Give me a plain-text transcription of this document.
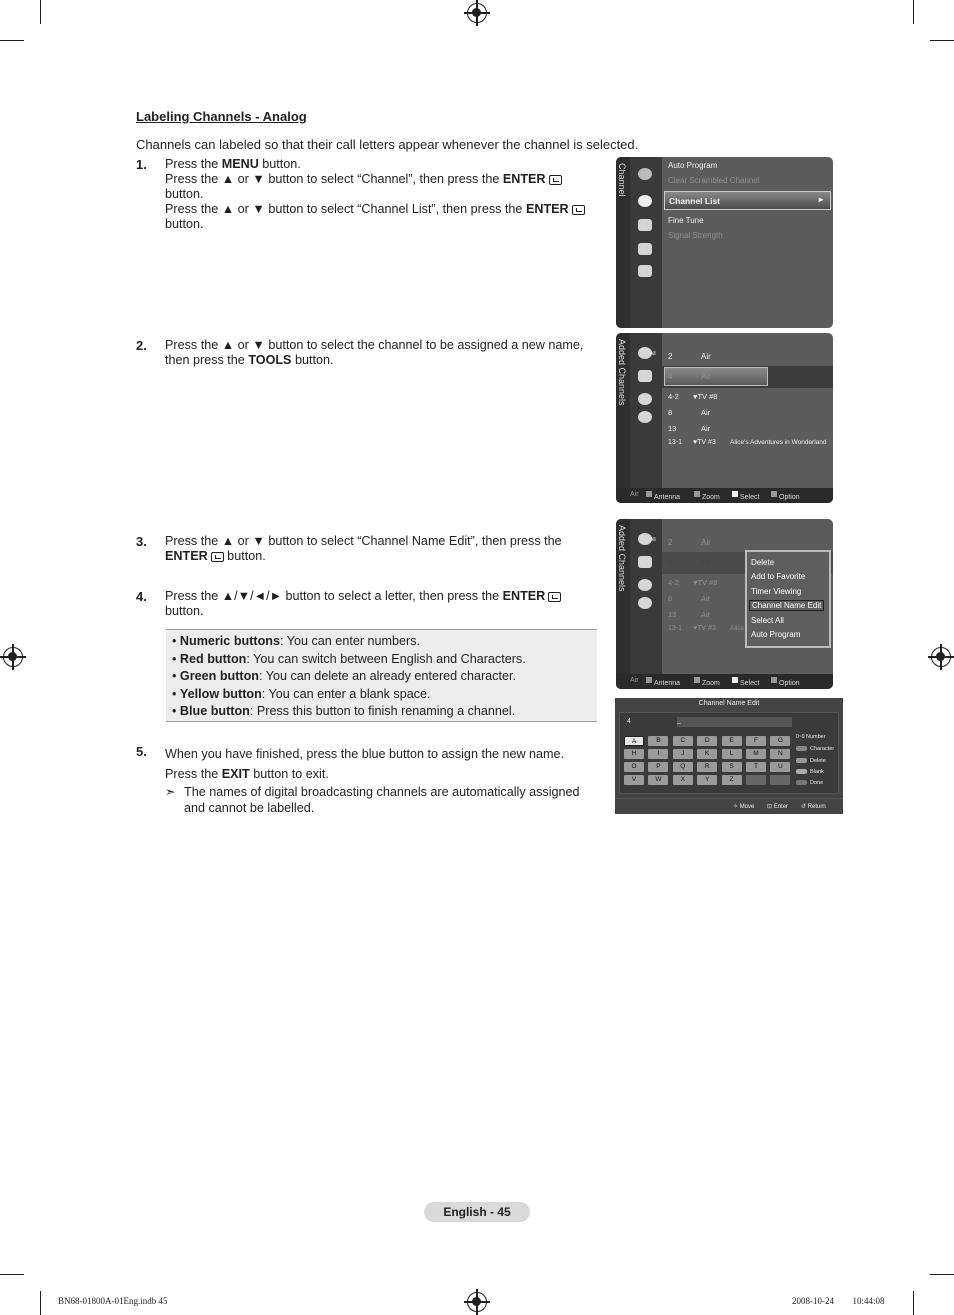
Labeling Channels - Analog
Channels can labeled so that their call letters appear whenever the channel is selected.
1. Press the MENU button.
Press the ▲ or ▼ button to select “Channel”, then press the ENTER
button.
Press the ▲ or ▼ button to select “Channel List”, then press the ENTER
button.
2. Press the ▲ or ▼ button to select the channel to be assigned a new name,
then press the TOOLS button.
3. Press the ▲ or ▼ button to select “Channel Name Edit”, then press the
ENTER button.
4. Press the ▲/▼/◄/► button to select a letter, then press the ENTER
button.
• Numeric buttons: You can enter numbers.
• Red button: You can switch between English and Characters.
• Green button: You can delete an already entered character.
• Yellow button: You can enter a blank space.
• Blue button: Press this button to finish renaming a channel.
5. When you have finished, press the blue button to assign the new name.
Press the EXIT button to exit.
➣ The names of digital broadcasting channels are automatically assigned
and cannot be labelled.
Channel	Auto Program
Clear Scrambled Channel
Channel List	►
Fine Tune
Signal Strength
Added Channels	All 2	Air
4	Air
4-2 ♥TV #8
8	Air
13	Air
13-1 ♥TV #3 Alice's Adventures in Wonderland
Air Antenna	Zoom	Select	Option
Added Channels	All 2	Air
4	Air
4-2 ♥TV #8
8	Air
13	Air
13-1 ♥TV #3 Alice
Delete
Add to Favorite
Timer Viewing
Channel Name Edit
Select All
Auto Program
Air Antenna	Zoom	Select	Option
Channel Name Edit
4	_
A	B	C	D	E	F	G
H	I	J	K	L	M	N
O	P	Q	R	S	T	U
V	W	X	Y	Z
0~9 Number
Character
Delete
Blank
Done
✧ Move ⊡ Enter ↺ Return
English - 45
BN68-01800A-01Eng.indb 45	2008-10-24 ￿￿ 10:44:08
